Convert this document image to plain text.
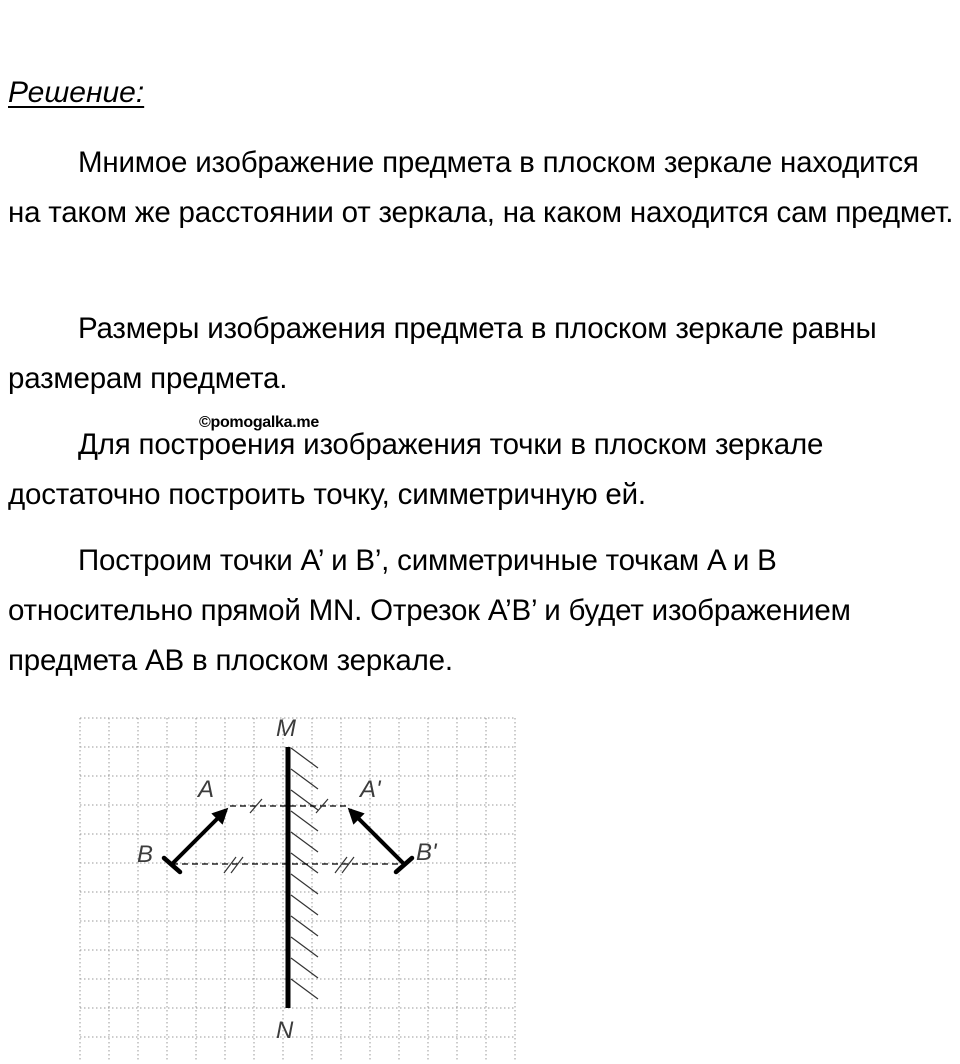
Решение:

Мнимое изображение предмета в плоском зеркале находится на таком же расстоянии от зеркала, на каком находится сам предмет.

Размеры изображения предмета в плоском зеркале равны размерам предмета.

Для построения изображения точки в плоском зеркале достаточно построить точку, симметричную ей.

Построим точки A’ и B’, симметричные точкам A и B относительно прямой MN. Отрезок A’B’ и будет изображением предмета AB в плоском зеркале.

©pomogalka.me
M
N
A
B
A'
B'
